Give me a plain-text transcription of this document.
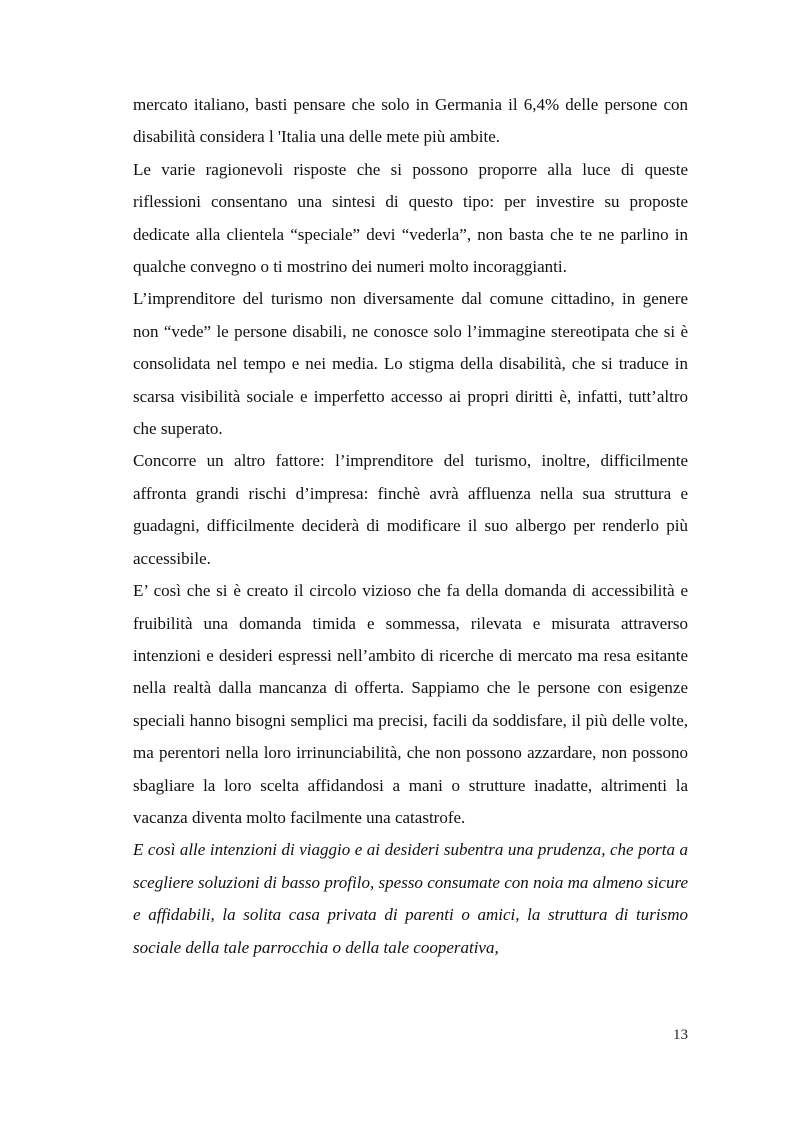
mercato italiano, basti pensare che solo in Germania il 6,4% delle persone con disabilità considera l 'Italia una delle mete più ambite.

Le varie ragionevoli risposte che si possono proporre alla luce di queste riflessioni consentano una sintesi di questo tipo: per investire su proposte dedicate alla clientela “speciale” devi “vederla”, non basta che te ne parlino in qualche convegno o ti mostrino dei numeri molto incoraggianti.

L’imprenditore del turismo non diversamente dal comune cittadino, in genere non “vede” le persone disabili, ne conosce solo l’immagine stereotipata che si è consolidata nel tempo e nei media. Lo stigma della disabilità, che si traduce in scarsa visibilità sociale e imperfetto accesso ai propri diritti è, infatti, tutt’altro che superato.

Concorre un altro fattore: l’imprenditore del turismo, inoltre, difficilmente affronta grandi rischi d’impresa: finchè avrà affluenza nella sua struttura e guadagni, difficilmente deciderà di modificare il suo albergo per renderlo più accessibile.

E’ così che si è creato il circolo vizioso che fa della domanda di accessibilità e fruibilità una domanda timida e sommessa, rilevata e misurata attraverso intenzioni e desideri espressi nell’ambito di ricerche di mercato ma resa esitante nella realtà dalla mancanza di offerta. Sappiamo che le persone con esigenze speciali hanno bisogni semplici ma precisi, facili da soddisfare, il più delle volte, ma perentori nella loro irrinunciabilità, che non possono azzardare, non possono sbagliare la loro scelta affidandosi a mani o strutture inadatte, altrimenti la vacanza diventa molto facilmente una catastrofe.

E così alle intenzioni di viaggio e ai desideri subentra una prudenza, che porta a scegliere soluzioni di basso profilo, spesso consumate con noia ma almeno sicure e affidabili, la solita casa privata di parenti o amici, la struttura di turismo sociale della tale parrocchia o della tale cooperativa,

13
